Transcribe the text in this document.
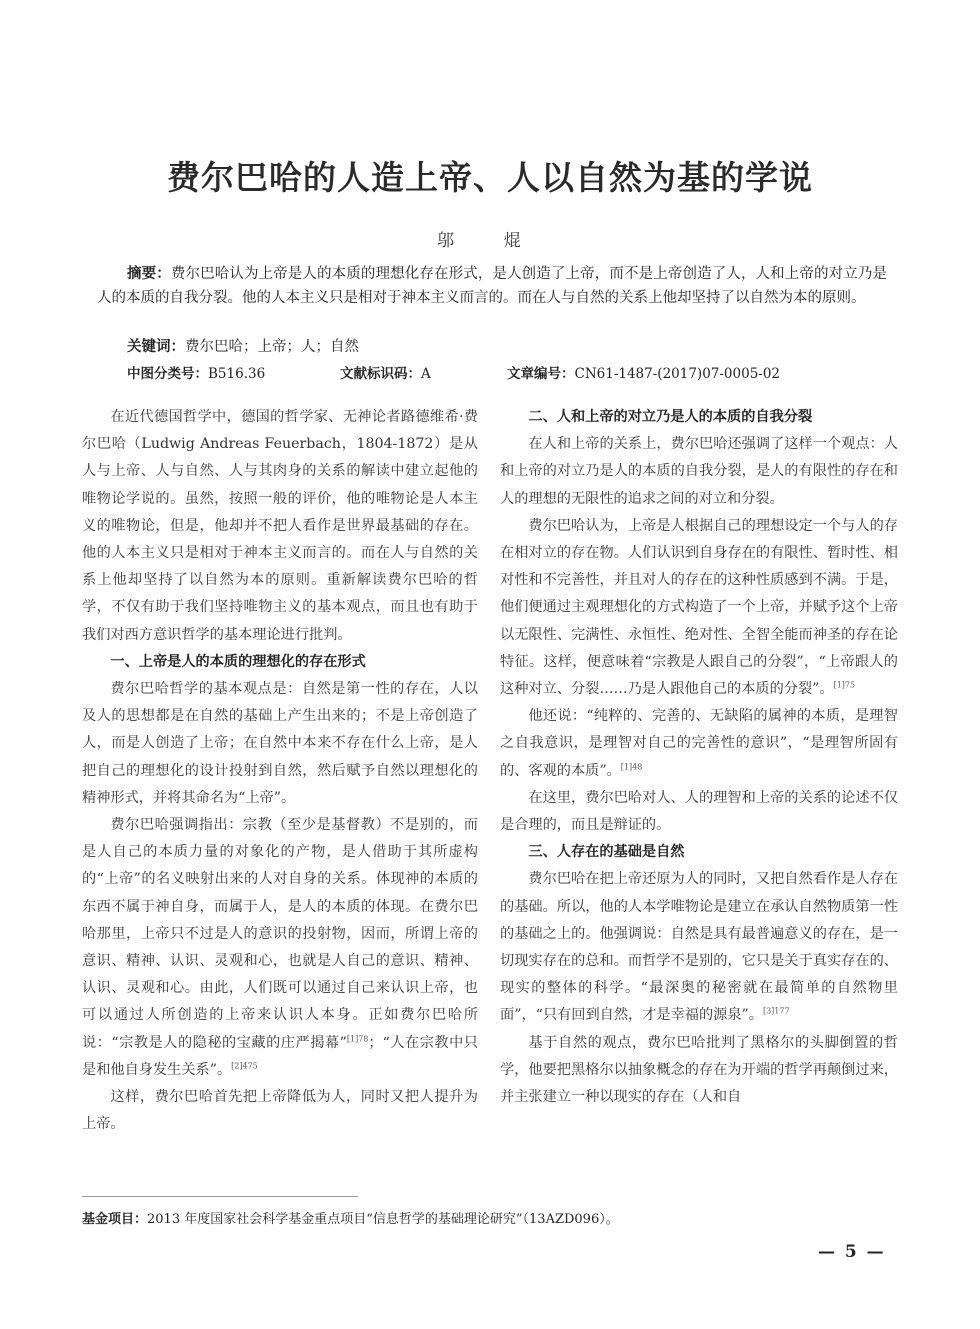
费尔巴哈的人造上帝、人以自然为基的学说
邬 焜

摘要：费尔巴哈认为上帝是人的本质的理想化存在形式，是人创造了上帝，而不是上帝创造了人，人和上帝的对立乃是人的本质的自我分裂。他的人本主义只是相对于神本主义而言的。而在人与自然的关系上他却坚持了以自然为本的原则。

关键词：费尔巴哈；上帝；人；自然
中图分类号：B516.36	文献标识码：A	文章编号：CN61-1487-(2017)07-0005-02

在近代德国哲学中，德国的哲学家、无神论者路德维希·费尔巴哈（Ludwig Andreas Feuerbach，1804-1872）是从人与上帝、人与自然、人与其肉身的关系的解读中建立起他的唯物论学说的。虽然，按照一般的评价，他的唯物论是人本主义的唯物论，但是，他却并不把人看作是世界最基础的存在。他的人本主义只是相对于神本主义而言的。而在人与自然的关系上他却坚持了以自然为本的原则。重新解读费尔巴哈的哲学，不仅有助于我们坚持唯物主义的基本观点，而且也有助于我们对西方意识哲学的基本理论进行批判。

一、上帝是人的本质的理想化的存在形式

费尔巴哈哲学的基本观点是：自然是第一性的存在，人以及人的思想都是在自然的基础上产生出来的；不是上帝创造了人，而是人创造了上帝；在自然中本来不存在什么上帝，是人把自己的理想化的设计投射到自然，然后赋予自然以理想化的精神形式，并将其命名为“上帝”。

费尔巴哈强调指出：宗教（至少是基督教）不是别的，而是人自己的本质力量的对象化的产物，是人借助于其所虚构的“上帝”的名义映射出来的人对自身的关系。体现神的本质的东西不属于神自身，而属于人，是人的本质的体现。在费尔巴哈那里，上帝只不过是人的意识的投射物，因而，所谓上帝的意识、精神、认识、灵观和心，也就是人自己的意识、精神、认识、灵观和心。由此，人们既可以通过自己来认识上帝，也可以通过人所创造的上帝来认识人本身。正如费尔巴哈所说：“宗教是人的隐秘的宝藏的庄严揭幕”$^{[1]78}$；“人在宗教中只是和他自身发生关系”。$^{[2]475}$

这样，费尔巴哈首先把上帝降低为人，同时又把人提升为上帝。

二、人和上帝的对立乃是人的本质的自我分裂

在人和上帝的关系上，费尔巴哈还强调了这样一个观点：人和上帝的对立乃是人的本质的自我分裂，是人的有限性的存在和人的理想的无限性的追求之间的对立和分裂。

费尔巴哈认为，上帝是人根据自己的理想设定一个与人的存在相对立的存在物。人们认识到自身存在的有限性、暂时性、相对性和不完善性，并且对人的存在的这种性质感到不满。于是，他们便通过主观理想化的方式构造了一个上帝，并赋予这个上帝以无限性、完满性、永恒性、绝对性、全智全能而神圣的存在论特征。这样，便意味着“宗教是人跟自己的分裂”，“上帝跟人的这种对立、分裂……乃是人跟他自己的本质的分裂”。$^{[1]75}$

他还说：“纯粹的、完善的、无缺陷的属神的本质，是理智之自我意识，是理智对自己的完善性的意识”，“是理智所固有的、客观的本质”。$^{[1]48}$

在这里，费尔巴哈对人、人的理智和上帝的关系的论述不仅是合理的，而且是辩证的。

三、人存在的基础是自然

费尔巴哈在把上帝还原为人的同时，又把自然看作是人存在的基础。所以，他的人本学唯物论是建立在承认自然物质第一性的基础之上的。他强调说：自然是具有最普遍意义的存在，是一切现实存在的总和。而哲学不是别的，它只是关于真实存在的、现实的整体的科学。“最深奥的秘密就在最简单的自然物里面”，“只有回到自然，才是幸福的源泉”。$^{[3]177}$

基于自然的观点，费尔巴哈批判了黑格尔的头脚倒置的哲学，他要把黑格尔以抽象概念的存在为开端的哲学再颠倒过来，并主张建立一种以现实的存在（人和自

基金项目：2013 年度国家社会科学基金重点项目“信息哲学的基础理论研究”（13AZD096）。
— 5 —
